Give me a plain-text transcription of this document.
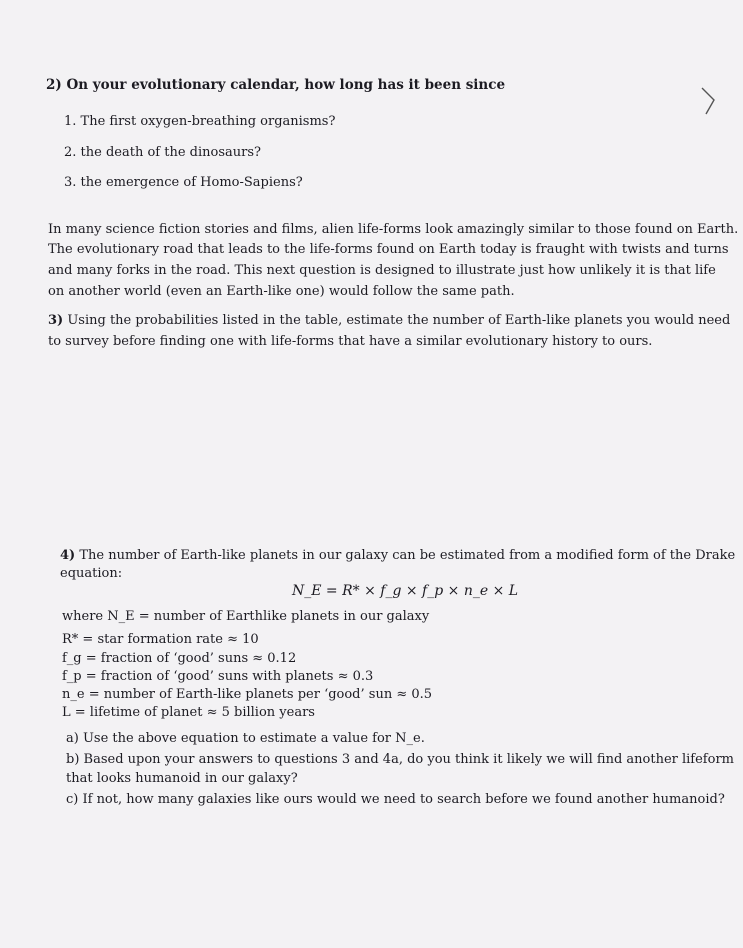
2) On your evolutionary calendar, how long has it been since
1. The first oxygen-breathing organisms?
2. the death of the dinosaurs?
3. the emergence of Homo-Sapiens?
In many science fiction stories and films, alien life-forms look amazingly similar to those found on Earth.
The evolutionary road that leads to the life-forms found on Earth today is fraught with twists and turns
and many forks in the road. This next question is designed to illustrate just how unlikely it is that life
on another world (even an Earth-like one) would follow the same path.
3) Using the probabilities listed in the table, estimate the number of Earth-like planets you would need
to survey before finding one with life-forms that have a similar evolutionary history to ours.
4) The number of Earth-like planets in our galaxy can be estimated from a modified form of the Drake
equation:
N_E = R* × f_g × f_p × n_e × L
where N_E = number of Earthlike planets in our galaxy
R* = star formation rate ≈ 10
f_g = fraction of ‘good’ suns ≈ 0.12
f_p = fraction of ‘good’ suns with planets ≈ 0.3
n_e = number of Earth-like planets per ‘good’ sun ≈ 0.5
L = lifetime of planet ≈ 5 billion years
a) Use the above equation to estimate a value for N_e.
b) Based upon your answers to questions 3 and 4a, do you think it likely we will find another lifeform
that looks humanoid in our galaxy?
c) If not, how many galaxies like ours would we need to search before we found another humanoid?
